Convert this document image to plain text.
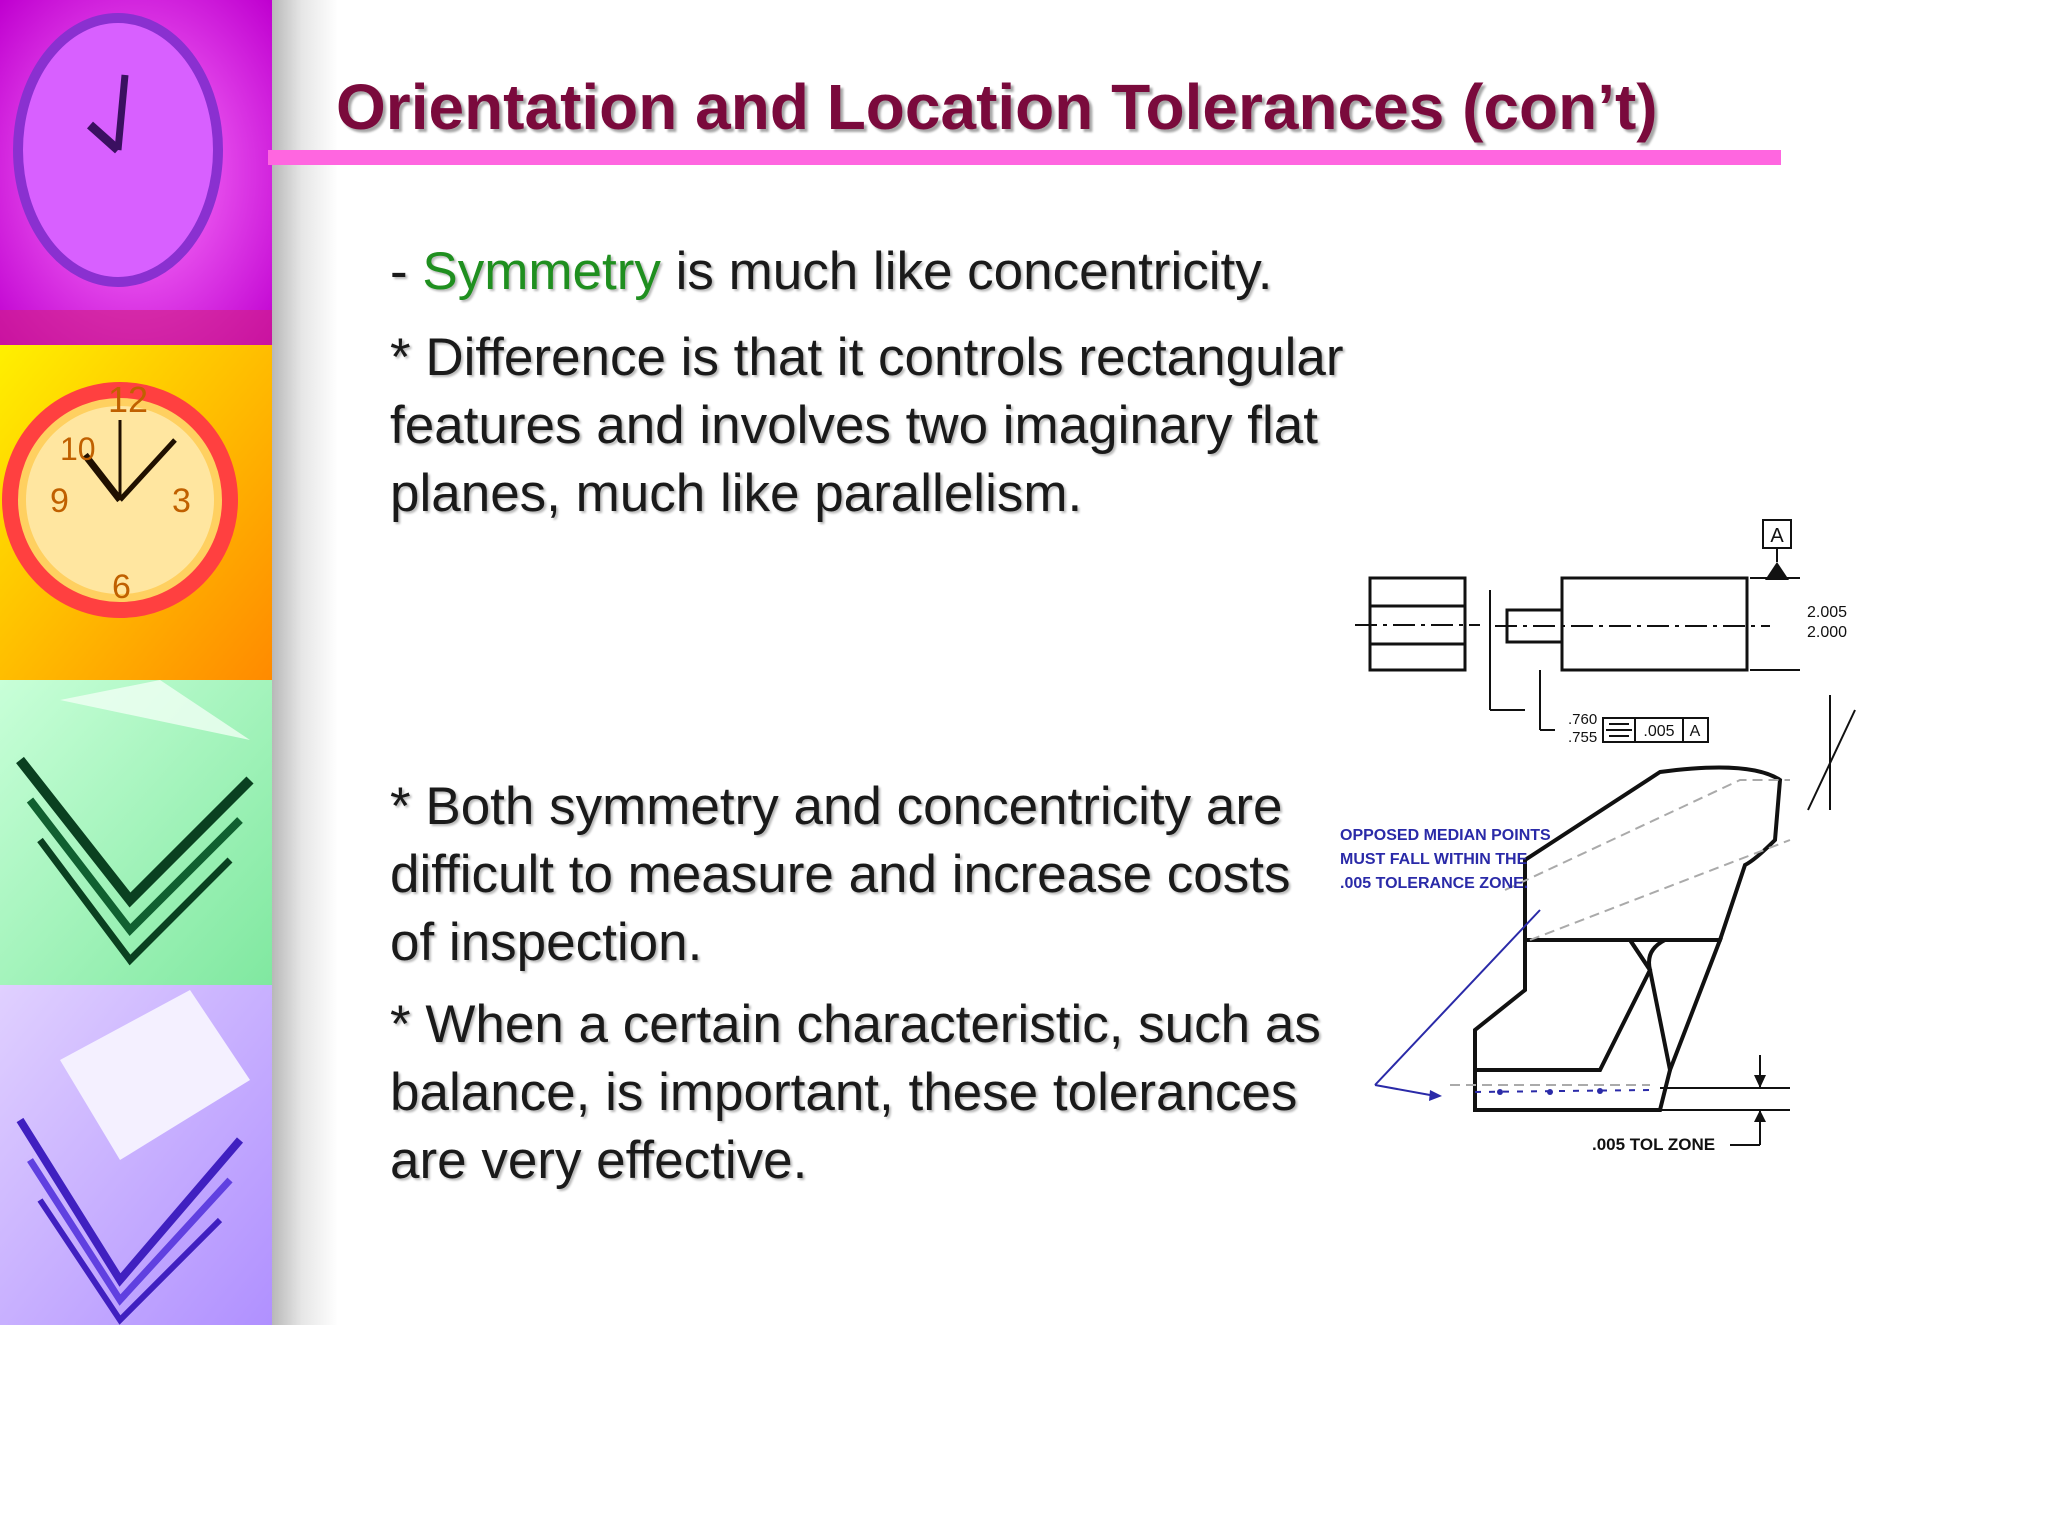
12
10
9	3
6
Orientation and Location Tolerances (con’t)

- Symmetry is much like concentricity.

* Difference is that it controls rectangular features and involves two imaginary flat planes, much like parallelism.

* Both symmetry and concentricity are difficult to measure and increase costs of inspection.

* When a certain characteristic, such as balance, is important, these tolerances are very effective.

A
2.005
2.000
.760
.755	.005 A
.005 TOL ZONE
OPPOSED MEDIAN POINTS
MUST FALL WITHIN THE
.005 TOLERANCE ZONE.
